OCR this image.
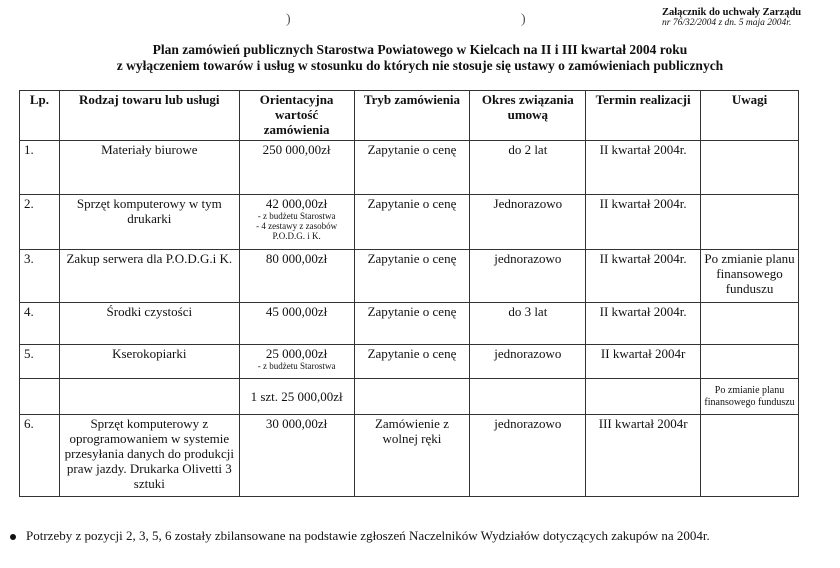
)	)	Załącznik do uchwały Zarządu
nr 76/32/2004 z dn. 5 maja 2004r.
Plan zamówień publicznych Starostwa Powiatowego w Kielcach na II i III kwartał 2004 roku
z wyłączeniem towarów i usług w stosunku do których nie stosuje się ustawy o zamówieniach publicznych
Lp.	Rodzaj towaru lub usługi	Orientacyjna wartość zamówienia	Tryb zamówienia	Okres związania umową	Termin realizacji	Uwagi
1.	Materiały biurowe	250 000,00zł	Zapytanie o cenę	do 2 lat	II kwartał 2004r.	
2.	Sprzęt komputerowy w tym drukarki	42 000,00zł
- z budżetu Starostwa
- 4 zestawy z zasobów P.O.D.G. i K.	Zapytanie o cenę	Jednorazowo	II kwartał 2004r.	
3.	Zakup serwera dla P.O.D.G.i K.	80 000,00zł	Zapytanie o cenę	jednorazowo	II kwartał 2004r.	Po zmianie planu finansowego funduszu
4.	Środki czystości	45 000,00zł	Zapytanie o cenę	do 3 lat	II kwartał 2004r.	
5.	Kserokopiarki	25 000,00zł
- z budżetu Starostwa	Zapytanie o cenę	jednorazowo	II kwartał 2004r	
		1 szt. 25 000,00zł				Po zmianie planu finansowego funduszu
6.	Sprzęt komputerowy z oprogramowaniem w systemie przesyłania danych do produkcji praw jazdy. Drukarka Olivetti 3 sztuki	30 000,00zł	Zamówienie z wolnej ręki	jednorazowo	III kwartał 2004r	
Potrzeby z pozycji 2, 3, 5, 6 zostały zbilansowane na podstawie zgłoszeń Naczelników Wydziałów dotyczących zakupów na 2004r.
